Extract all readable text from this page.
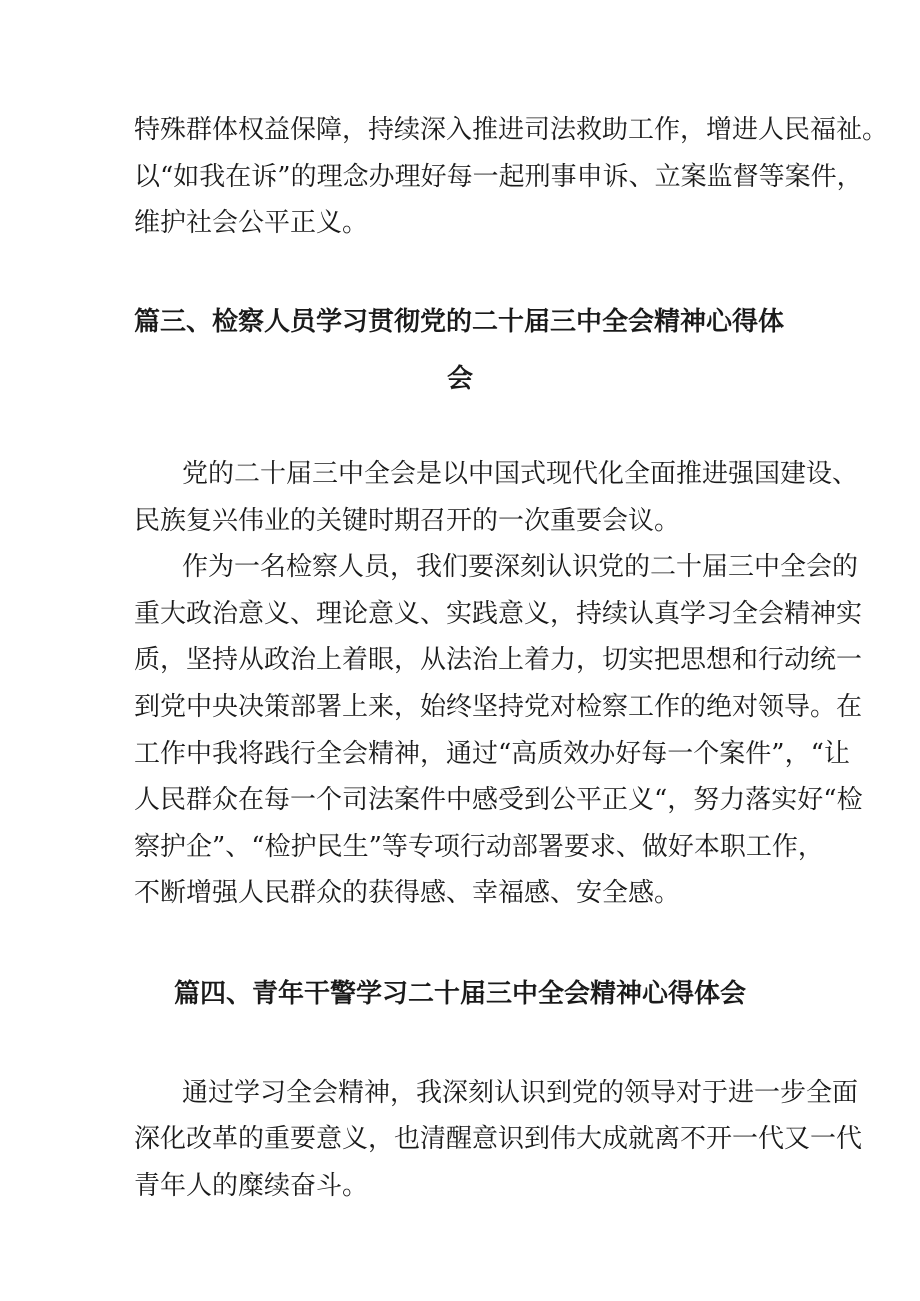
特殊群体权益保障，持续深入推进司法救助工作，增进人民福祉。

以“如我在诉”的理念办理好每一起刑事申诉、立案监督等案件，

维护社会公平正义。

篇三、检察人员学习贯彻党的二十届三中全会精神心得体
会

党的二十届三中全会是以中国式现代化全面推进强国建设、

民族复兴伟业的关键时期召开的一次重要会议。

作为一名检察人员，我们要深刻认识党的二十届三中全会的

重大政治意义、理论意义、实践意义，持续认真学习全会精神实

质，坚持从政治上着眼，从法治上着力，切实把思想和行动统一

到党中央决策部署上来，始终坚持党对检察工作的绝对领导。在

工作中我将践行全会精神，通过“高质效办好每一个案件”，“让

人民群众在每一个司法案件中感受到公平正义“，努力落实好“检

察护企”、“检护民生”等专项行动部署要求、做好本职工作，

不断增强人民群众的获得感、幸福感、安全感。

篇四、青年干警学习二十届三中全会精神心得体会

通过学习全会精神，我深刻认识到党的领导对于进一步全面

深化改革的重要意义，也清醒意识到伟大成就离不开一代又一代

青年人的糜续奋斗。
